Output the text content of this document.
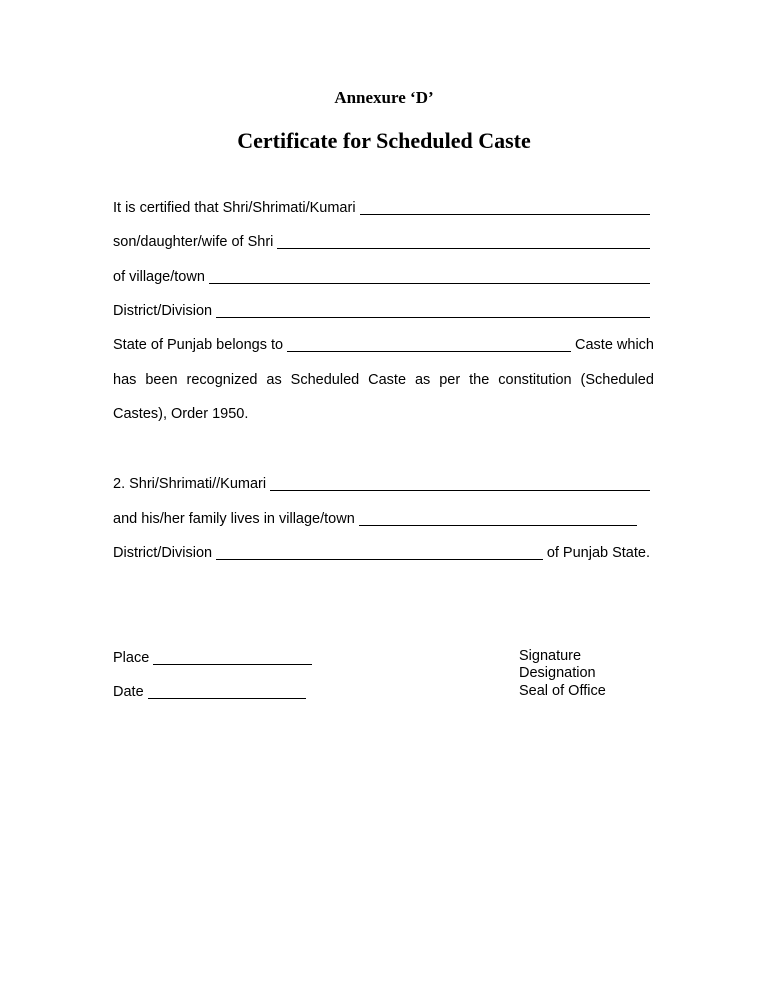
Annexure ‘D’
Certificate for Scheduled Caste
It is certified that Shri/Shrimati/Kumari
son/daughter/wife of Shri
of village/town
District/Division
State of Punjab belongs to	Caste which
has been recognized as Scheduled Caste as per the constitution (Scheduled
Castes), Order 1950.
2. Shri/Shrimati//Kumari
and his/her family lives in village/town
District/Division	of Punjab State.
Place
Date
Signature
Designation
Seal of Office
